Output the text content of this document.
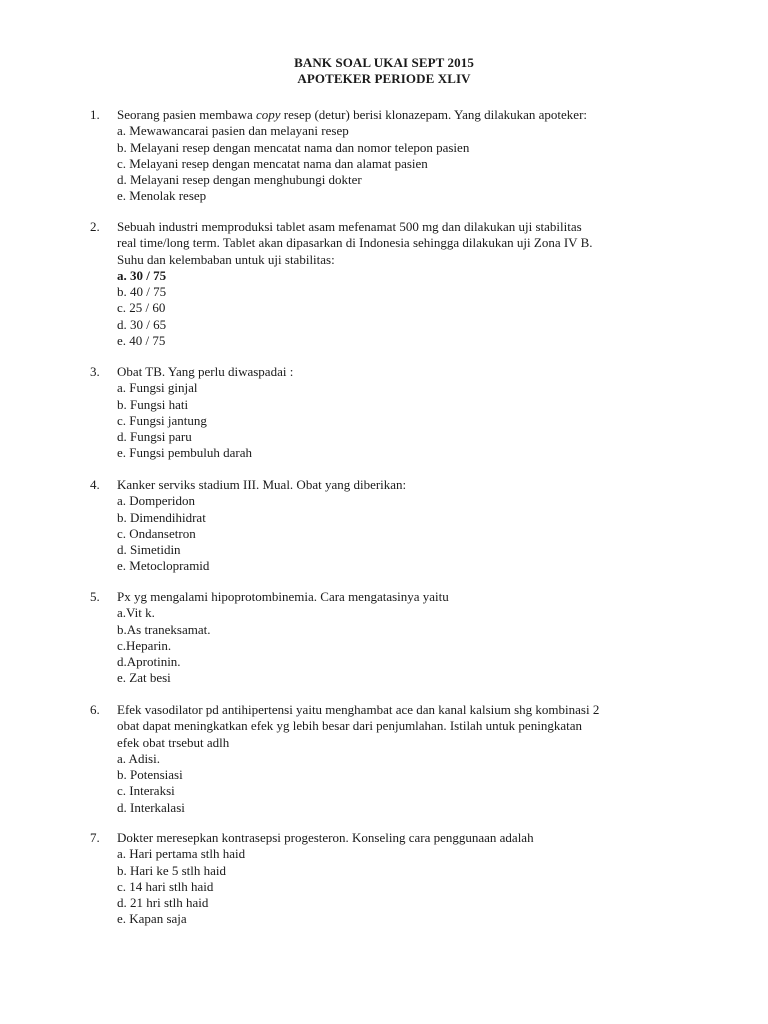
BANK SOAL UKAI SEPT 2015
APOTEKER PERIODE XLIV
1.	Seorang pasien membawa copy resep (detur) berisi klonazepam. Yang dilakukan apoteker:
a. Mewawancarai pasien dan melayani resep
b. Melayani resep dengan mencatat nama dan nomor telepon pasien
c. Melayani resep dengan mencatat nama dan alamat pasien
d. Melayani resep dengan menghubungi dokter
e. Menolak resep
2.	Sebuah industri memproduksi tablet asam mefenamat 500 mg dan dilakukan uji stabilitas
real time/long term. Tablet akan dipasarkan di Indonesia sehingga dilakukan uji Zona IV B.
Suhu dan kelembaban untuk uji stabilitas:
a. 30 / 75
b. 40 / 75
c. 25 / 60
d. 30 / 65
e. 40 / 75
3.	Obat TB. Yang perlu diwaspadai :
a. Fungsi ginjal
b. Fungsi hati
c. Fungsi jantung
d. Fungsi paru
e. Fungsi pembuluh darah
4.	Kanker serviks stadium III. Mual. Obat yang diberikan:
a. Domperidon
b. Dimendihidrat
c. Ondansetron
d. Simetidin
e. Metoclopramid
5.	Px yg mengalami hipoprotombinemia. Cara mengatasinya yaitu
a.Vit k.
b.As traneksamat.
c.Heparin.
d.Aprotinin.
e. Zat besi
6.	Efek vasodilator pd antihipertensi yaitu menghambat ace dan kanal kalsium shg kombinasi 2
obat dapat meningkatkan efek yg lebih besar dari penjumlahan. Istilah untuk peningkatan
efek obat trsebut adlh
a. Adisi.
b. Potensiasi
c. Interaksi
d. Interkalasi
7.	Dokter meresepkan kontrasepsi progesteron. Konseling cara penggunaan adalah
a. Hari pertama stlh haid
b. Hari ke 5 stlh haid
c. 14 hari stlh haid
d. 21 hri stlh haid
e. Kapan saja
